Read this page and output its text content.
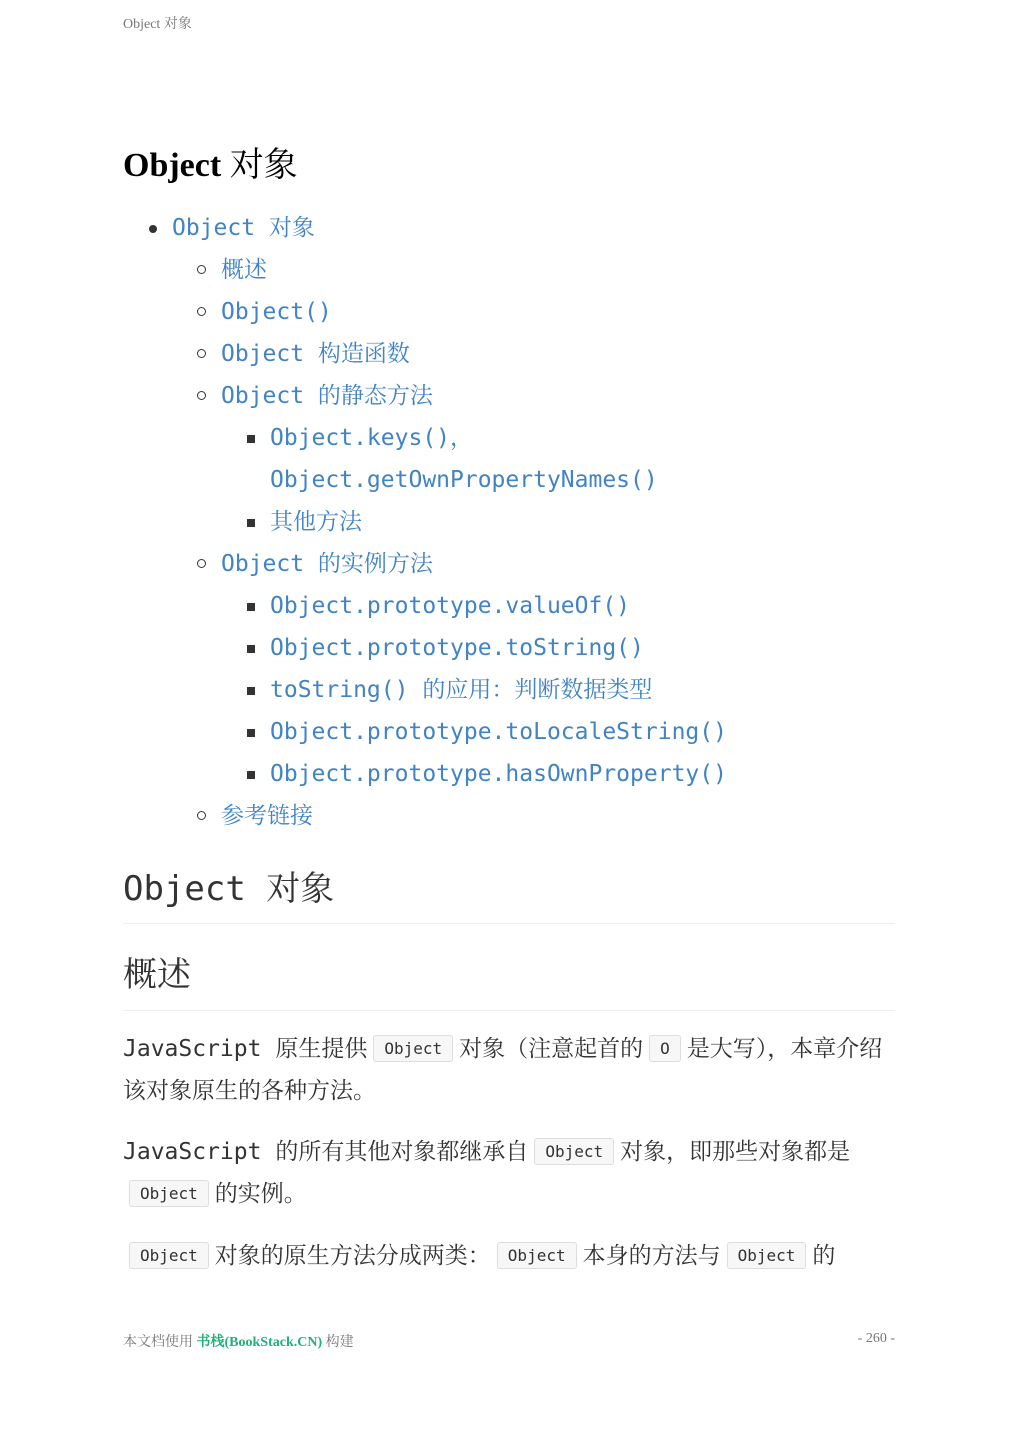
Object 对象
Object 对象
Object 对象
概述
Object()
Object 构造函数
Object 的静态方法
Object.keys()，
Object.getOwnPropertyNames()
其他方法
Object 的实例方法
Object.prototype.valueOf()
Object.prototype.toString()
toString() 的应用：判断数据类型
Object.prototype.toLocaleString()
Object.prototype.hasOwnProperty()
参考链接
Object 对象
概述

JavaScript 原生提供 Object 对象（注意起首的 O 是大写），本章介绍该对象原生的各种方法。

JavaScript 的所有其他对象都继承自 Object 对象，即那些对象都是Object 的实例。

Object 对象的原生方法分成两类： Object 本身的方法与 Object 的

本文档使用 书栈(BookStack.CN) 构建	- 260 -
